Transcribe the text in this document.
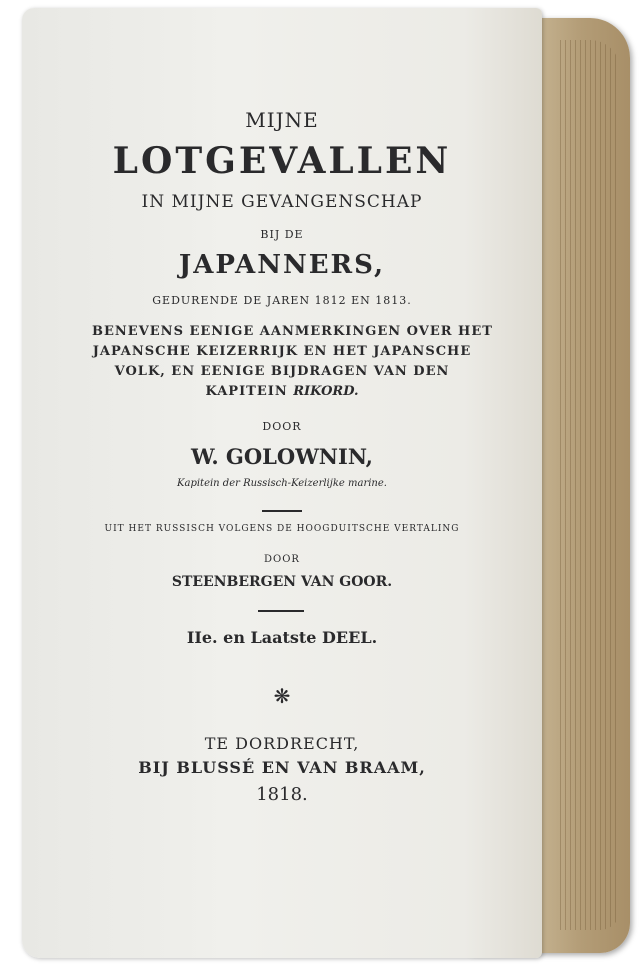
MIJNE
LOTGEVALLEN
IN MIJNE GEVANGENSCHAP
BIJ DE
JAPANNERS,
GEDURENDE DE JAREN 1812 EN 1813.
BENEVENS EENIGE AANMERKINGEN OVER HET
JAPANSCHE KEIZERRIJK EN HET JAPANSCHE
VOLK, EN EENIGE BIJDRAGEN VAN DEN
KAPITEIN RIKORD.
DOOR
W. GOLOWNIN,
Kapitein der Russisch-Keizerlijke marine.
UIT HET RUSSISCH VOLGENS DE HOOGDUITSCHE VERTALING
DOOR
STEENBERGEN VAN GOOR.
IIe. en Laatste DEEL.
❋
TE DORDRECHT,
BIJ BLUSSÉ EN VAN BRAAM,
1818.
